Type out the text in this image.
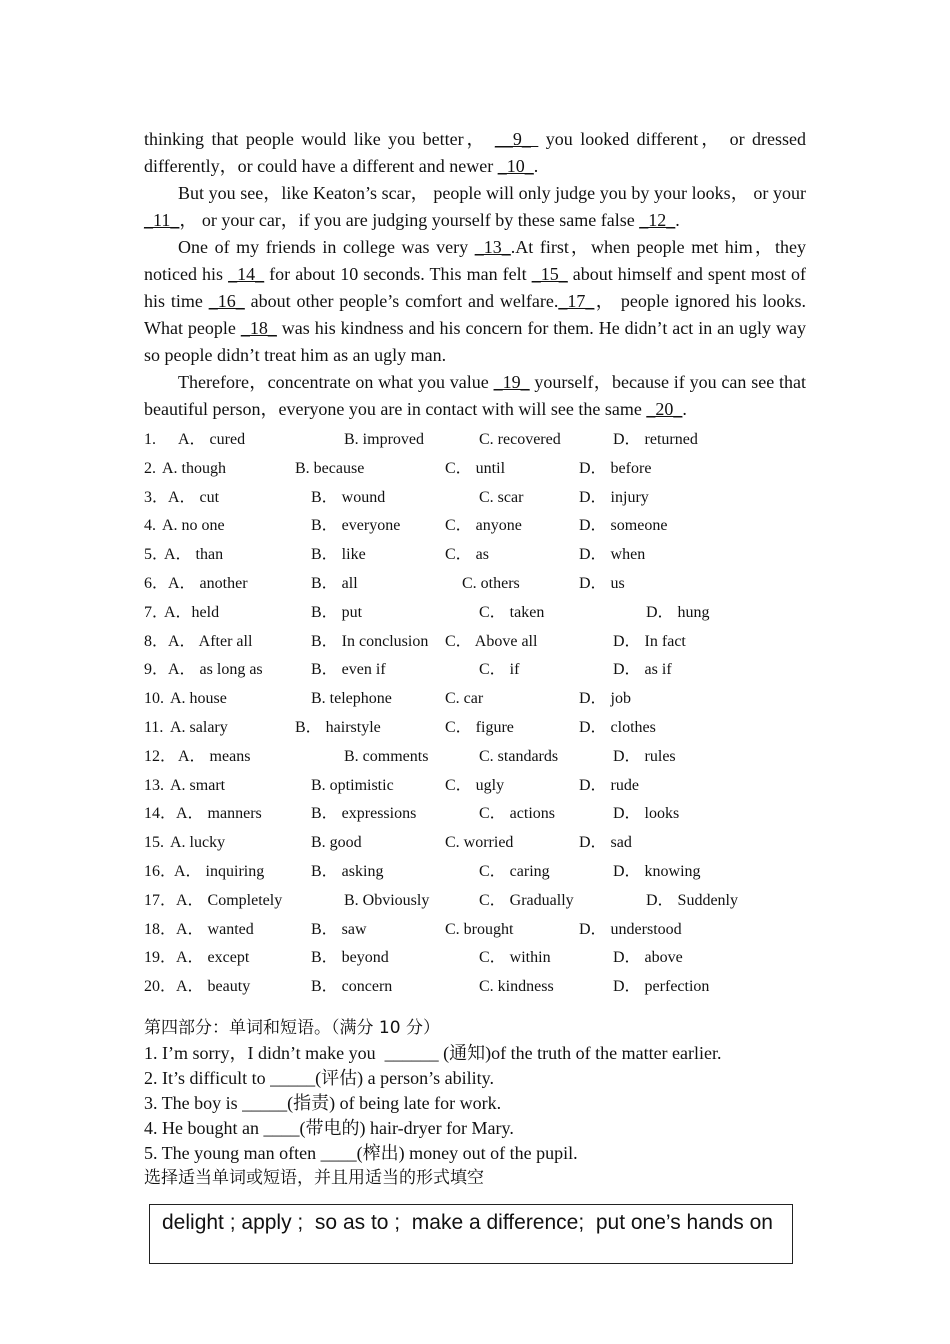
thinking that people would like you better， __9_  you looked different， or dressed differently，or could have a different and newer _10_.

But you see，like Keaton’s scar， people will only judge you by your looks， or your _11_， or your car，if you are judging yourself by these same false _12_.

One of my friends in college was very _13_.At first，when people met him，they noticed his _14_ for about 10 seconds. This man felt _15_ about himself and spent most of his time _16_ about other people’s comfort and welfare._17_， people ignored his looks. What people _18_ was his kindness and his concern for them. He didn’t act in an ugly way so people didn’t treat him as an ugly man.

Therefore，concentrate on what you value _19_ yourself，because if you can see that beautiful person，everyone you are in contact with will see the same _20_.

1. A． cured	B. improved	C. recovered	D． returned
2. A. though	B. because	C． until	D． before
3． A． cut	B． wound	C. scar	D． injury
4. A. no one	B． everyone	C． anyone	D． someone
5．
A． than	B． like	C． as	D． when
6． A． another	B． all	C. others	D． us
7．
A．held	B． put	C． taken	D． hung
8． A． After all	B． In conclusion C． Above all	D． In fact
9． A． as long as	B． even if	C． if	D． as if
10. A. house	B. telephone	C. car	D． job
11. A. salary	B． hairstyle	C． figure	D． clothes
12． A． means	B. comments	C. standards	D． rules
13. A. smart	B. optimistic	C． ugly	D． rude
14． A． manners	B． expressions	C． actions	D． looks
15. A. lucky	B. good	C. worried	D． sad
16．
A． inquiring	B． asking	C． caring	D． knowing
17． A． Completely	B. Obviously	C． Gradually	D． Suddenly
18． A． wanted	B． saw	C. brought	D． understood
19． A． except	B． beyond	C． within	D． above
20． A． beauty	B． concern	C. kindness	D． perfection
第四部分：单词和短语。（满分 10 分）
1. I’m sorry，I didn’t make you  ______ (通知)of the truth of the matter earlier.
2. It’s difficult to _____(评估) a person’s ability.
3. The boy is _____(指责) of being late for work.
4. He bought an ____(带电的) hair-dryer for Mary.
5. The young man often ____(榨出) money out of the pupil.
选择适当单词或短语，并且用适当的形式填空
delight ; apply ;  so as to ;  make a difference;  put one’s hands on
